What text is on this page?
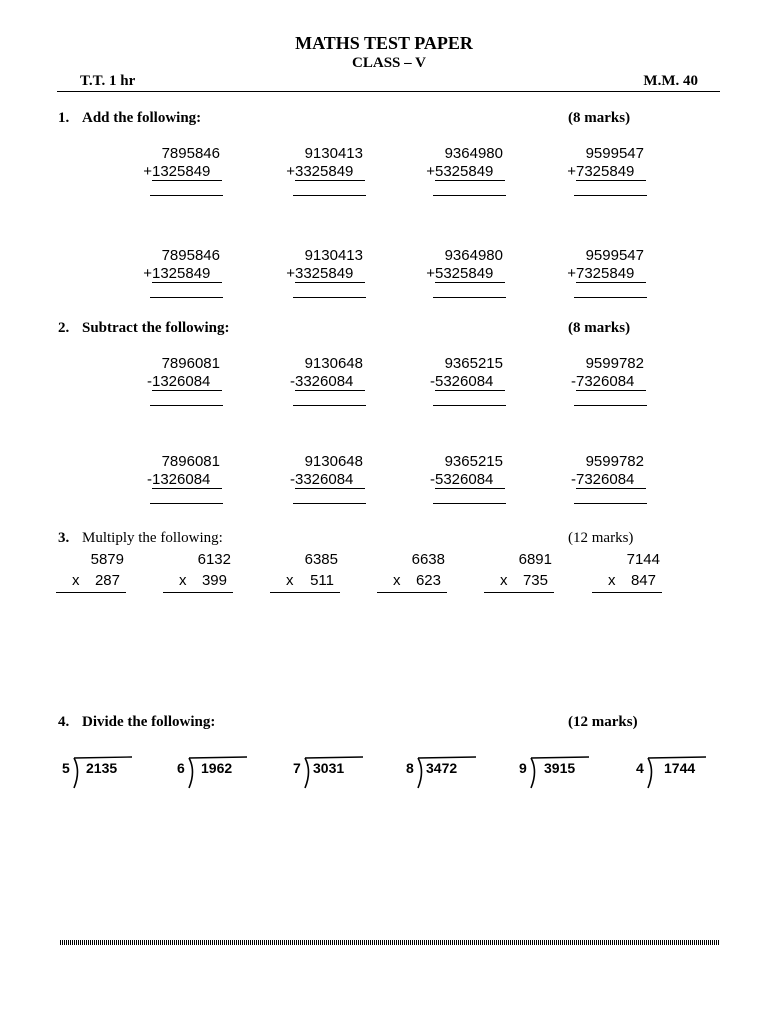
MATHS TEST PAPER
CLASS – V
T.T. 1 hr	M.M. 40
1. Add the following:	(8 marks)
7895846
+ 1325849
9130413
+ 3325849
9364980
+ 5325849
9599547
+ 7325849
7895846
+ 1325849
9130413
+ 3325849
9364980
+ 5325849
9599547
+ 7325849
2. Subtract the following:	(8 marks)
7896081
- 1326084
9130648
- 3326084
9365215
- 5326084
9599782
- 7326084
7896081
- 1326084
9130648
- 3326084
9365215
- 5326084
9599782
- 7326084
3. Multiply the following:	(12 marks)
5879
x 287
6132
x 399
6385
x 511
6638
x 623
6891
x 735
7144
x 847
4. Divide the following:	(12 marks)
5 2135	6 1962	7 3031	8 3472	9 3915	4 1744
